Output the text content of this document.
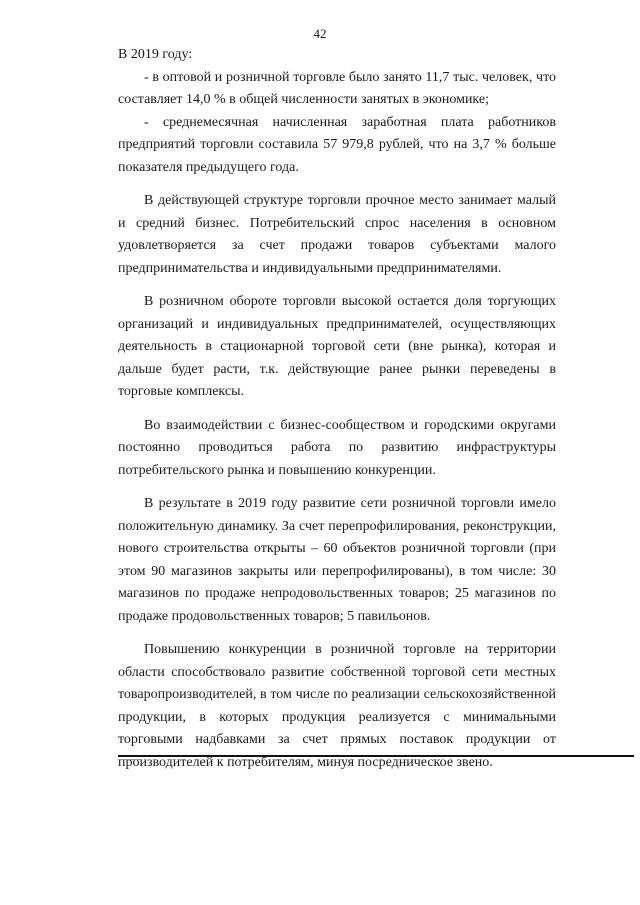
42

В 2019 году:

- в оптовой и розничной торговле было занято 11,7 тыс. человек, что составляет 14,0 % в общей численности занятых в экономике;

- среднемесячная начисленная заработная плата работников предприятий торговли составила 57 979,8 рублей, что на 3,7 % больше показателя предыдущего года.

В действующей структуре торговли прочное место занимает малый и средний бизнес. Потребительский спрос населения в основном удовлетворяется за счет продажи товаров субъектами малого предпринимательства и индивидуальными предпринимателями.

В розничном обороте торговли высокой остается доля торгующих организаций и индивидуальных предпринимателей, осуществляющих деятельность в стационарной торговой сети (вне рынка), которая и дальше будет расти, т.к. действующие ранее рынки переведены в торговые комплексы.

Во взаимодействии с бизнес-сообществом и городскими округами постоянно проводиться работа по развитию инфраструктуры потребительского рынка и повышению конкуренции.

В результате в 2019 году развитие сети розничной торговли имело положительную динамику. За счет перепрофилирования, реконструкции, нового строительства открыты – 60 объектов розничной торговли (при этом 90 магазинов закрыты или перепрофилированы), в том числе: 30 магазинов по продаже непродовольственных товаров; 25 магазинов по продаже продовольственных товаров; 5 павильонов.

Повышению конкуренции в розничной торговле на территории области способствовало развитие собственной торговой сети местных товаропроизводителей, в том числе по реализации сельскохозяйственной продукции, в которых продукция реализуется с минимальными торговыми надбавками за счет прямых поставок продукции от производителей к потребителям, минуя посредническое звено.
